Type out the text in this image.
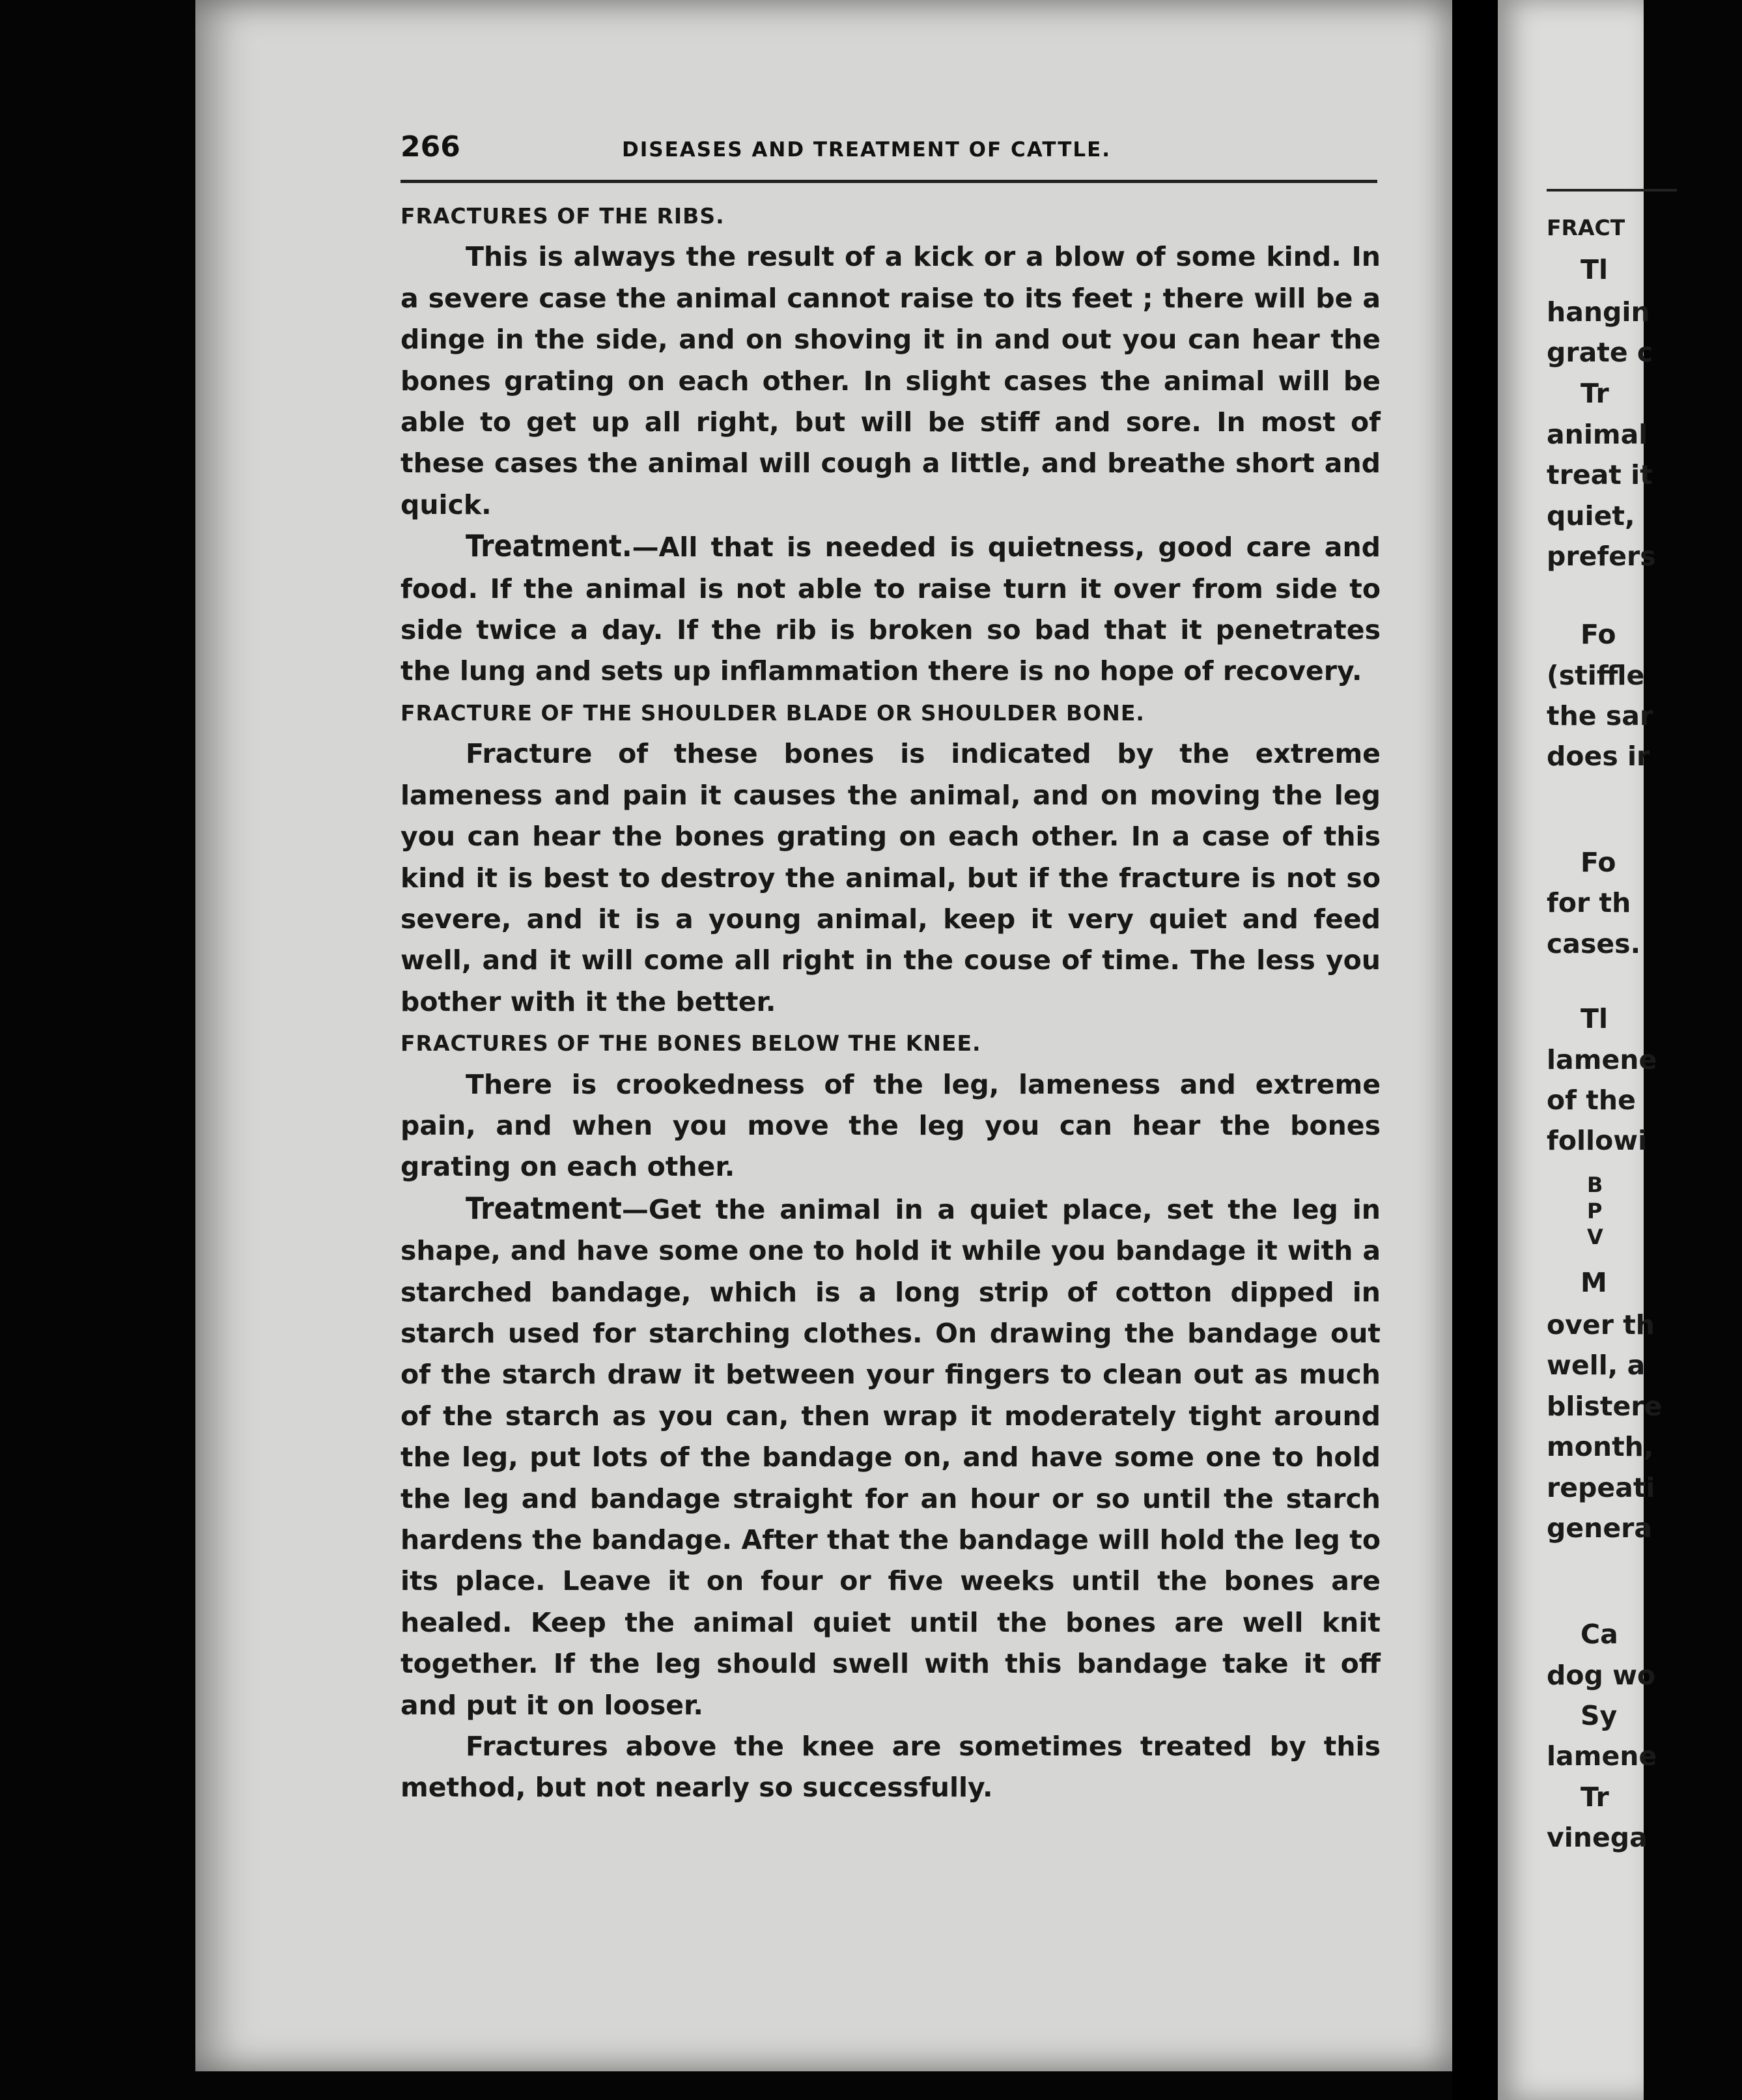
266	DISEASES AND TREATMENT OF CATTLE.

FRACTURES OF THE RIBS.

This is always the result of a kick or a blow of some kind. In a severe case the animal cannot raise to its feet ; there will be a dinge in the side, and on shoving it in and out you can hear the bones grating on each other. In slight cases the animal will be able to get up all right, but will be stiff and sore. In most of these cases the animal will cough a little, and breathe short and quick.

Treatment.—All that is needed is quietness, good care and food. If the animal is not able to raise turn it over from side to side twice a day. If the rib is broken so bad that it penetrates the lung and sets up inflammation there is no hope of recovery.

FRACTURE OF THE SHOULDER BLADE OR SHOULDER BONE.

Fracture of these bones is indicated by the extreme lameness and pain it causes the animal, and on moving the leg you can hear the bones grating on each other. In a case of this kind it is best to destroy the animal, but if the fracture is not so severe, and it is a young animal, keep it very quiet and feed well, and it will come all right in the couse of time. The less you bother with it the better.

FRACTURES OF THE BONES BELOW THE KNEE.

There is crookedness of the leg, lameness and extreme pain, and when you move the leg you can hear the bones grating on each other.

Treatment—Get the animal in a quiet place, set the leg in shape, and have some one to hold it while you bandage it with a starched bandage, which is a long strip of cotton dipped in starch used for starching clothes. On drawing the bandage out of the starch draw it between your fingers to clean out as much of the starch as you can, then wrap it moderately tight around the leg, put lots of the bandage on, and have some one to hold the leg and bandage straight for an hour or so until the starch hardens the bandage. After that the bandage will hold the leg to its place. Leave it on four or five weeks until the bones are healed. Keep the animal quiet until the bones are well knit together. If the leg should swell with this bandage take it off and put it on looser.

Fractures above the knee are sometimes treated by this method, but not nearly so successfully.

FRACT
Tl
hangin
grate c
Tr
animal
treat it
quiet,
prefers
Fo
(stiffle
the sar
does ir
Fo
for th
cases.
Tl
lamene
of the
followi
B
P
V
M
over th
well, a
blistere
month,
repeati
genera
Ca
dog wo
Sy
lamene
Tr
vinega
